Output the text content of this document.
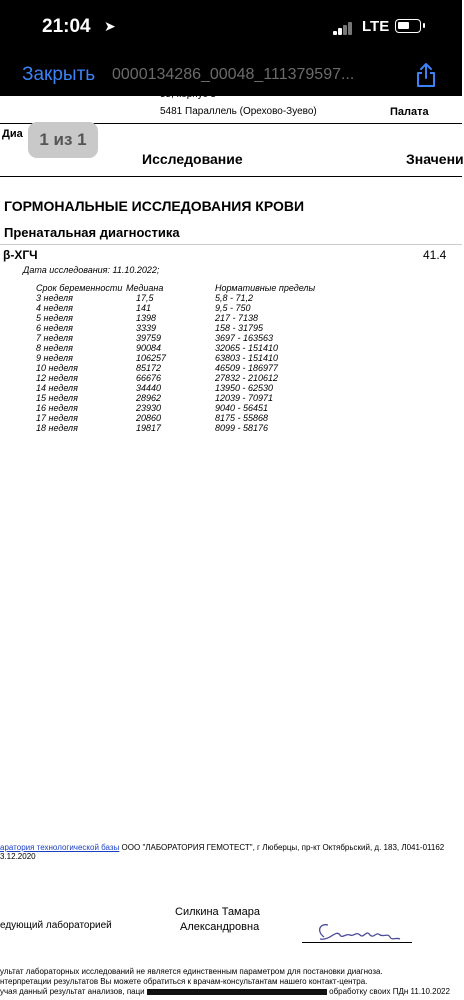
21:04 ➤	LTE
Закрыть 0000134286_00048_111379597...
55, корпус 3
5481 Параллель (Орехово-Зуево)	Палата
Диа
Исследование	Значени
ГОРМОНАЛЬНЫЕ ИССЛЕДОВАНИЯ КРОВИ
Пренатальная диагностика
β-ХГЧ	41.4
Дата исследования: 11.10.2022;
Срок беременности Медиана	Нормативные пределы
3 неделя	17,5	5,8 - 71,2
4 неделя	141	9,5 - 750
5 неделя	1398	217 - 7138
6 неделя	3339	158 - 31795
7 неделя	39759	3697 - 163563
8 неделя	90084	32065 - 151410
9 неделя	106257	63803 - 151410
10 неделя	85172	46509 - 186977
12 неделя	66676	27832 - 210612
14 неделя	34440	13950 - 62530
15 неделя	28962	12039 - 70971
16 неделя	23930	9040 - 56451
17 неделя	20860	8175 - 55868
18 неделя	19817	8099 - 58176
аратория технологической базы ООО "ЛАБОРАТОРИЯ ГЕМОТЕСТ", г Люберцы, пр-кт Октябрьский, д. 183, Л041-01162
3.12.2020
Силкина Тамара
Александровна
едующий лабораторией
ультат лабораторных исследований не является единственным параметром для постановки диагноза.
нтерпретации результатов Вы можете обратиться к врачам-консультантам нашего контакт-центра.
учая данный результат анализов, паци	обработку своих ПДн 11.10.2022
1 из 1
